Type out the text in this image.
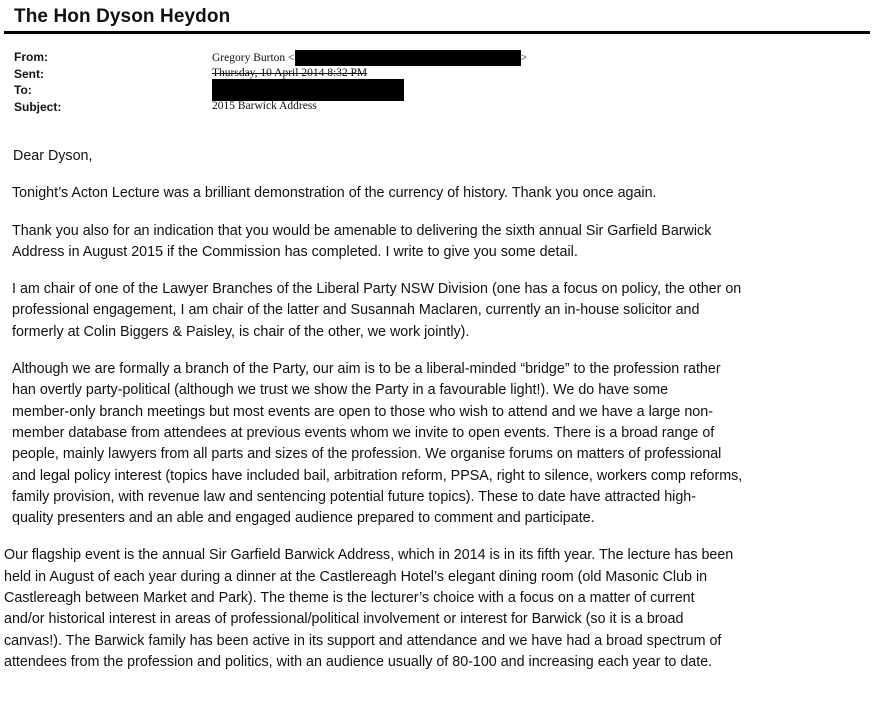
The Hon Dyson Heydon
From:	Gregory Burton <	>
Sent:	Thursday, 10 April 2014 8:32 PM
To:
Subject:	2015 Barwick Address

Dear Dyson,

Tonight’s Acton Lecture was a brilliant demonstration of the currency of history. Thank you once again.

Thank you also for an indication that you would be amenable to delivering the sixth annual Sir Garfield Barwick
Address in August 2015 if the Commission has completed. I write to give you some detail.

I am chair of one of the Lawyer Branches of the Liberal Party NSW Division (one has a focus on policy, the other on
professional engagement, I am chair of the latter and Susannah Maclaren, currently an in-house solicitor and
formerly at Colin Biggers & Paisley, is chair of the other, we work jointly).

Although we are formally a branch of the Party, our aim is to be a liberal-minded “bridge” to the profession rather
han overtly party-political (although we trust we show the Party in a favourable light!). We do have some
member-only branch meetings but most events are open to those who wish to attend and we have a large non-
member database from attendees at previous events whom we invite to open events. There is a broad range of
people, mainly lawyers from all parts and sizes of the profession. We organise forums on matters of professional
and legal policy interest (topics have included bail, arbitration reform, PPSA, right to silence, workers comp reforms,
family provision, with revenue law and sentencing potential future topics). These to date have attracted high-
quality presenters and an able and engaged audience prepared to comment and participate.

Our flagship event is the annual Sir Garfield Barwick Address, which in 2014 is in its fifth year. The lecture has been
held in August of each year during a dinner at the Castlereagh Hotel’s elegant dining room (old Masonic Club in
Castlereagh between Market and Park). The theme is the lecturer’s choice with a focus on a matter of current
and/or historical interest in areas of professional/political involvement or interest for Barwick (so it is a broad
canvas!). The Barwick family has been active in its support and attendance and we have had a broad spectrum of
attendees from the profession and politics, with an audience usually of 80-100 and increasing each year to date.
